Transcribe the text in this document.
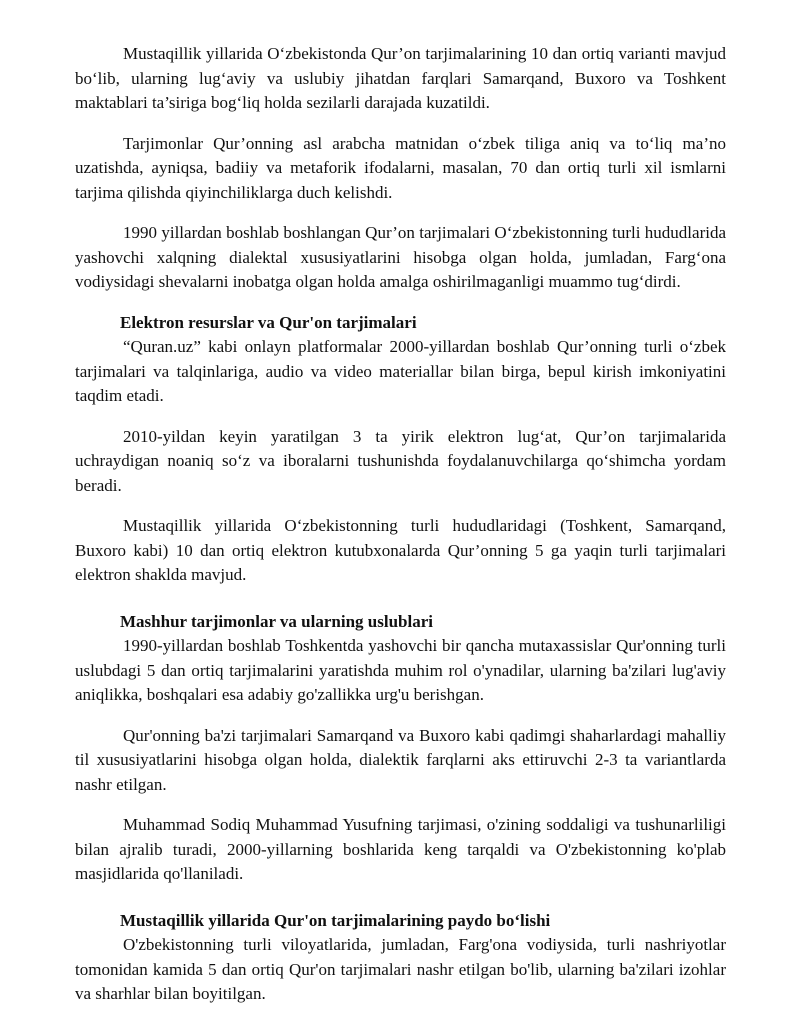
Mustaqillik yillarida O‘zbekistonda Qur’on tarjimalarining 10 dan ortiq varianti mavjud bo‘lib, ularning lug‘aviy va uslubiy jihatdan farqlari Samarqand, Buxoro va Toshkent maktablari ta’siriga bog‘liq holda sezilarli darajada kuzatildi.

Tarjimonlar Qur’onning asl arabcha matnidan o‘zbek tiliga aniq va to‘liq ma’no uzatishda, ayniqsa, badiiy va metaforik ifodalarni, masalan, 70 dan ortiq turli xil ismlarni tarjima qilishda qiyinchiliklarga duch kelishdi.

1990 yillardan boshlab boshlangan Qur’on tarjimalari O‘zbekistonning turli hududlarida yashovchi xalqning dialektal xususiyatlarini hisobga olgan holda, jumladan, Farg‘ona vodiysidagi shevalarni inobatga olgan holda amalga oshirilmaganligi muammo tug‘dirdi.

Elektron resurslar va Qur'on tarjimalari

“Quran.uz” kabi onlayn platformalar 2000-yillardan boshlab Qur’onning turli o‘zbek tarjimalari va talqinlariga, audio va video materiallar bilan birga, bepul kirish imkoniyatini taqdim etadi.

2010-yildan keyin yaratilgan 3 ta yirik elektron lug‘at, Qur’on tarjimalarida uchraydigan noaniq so‘z va iboralarni tushunishda foydalanuvchilarga qo‘shimcha yordam beradi.

Mustaqillik yillarida O‘zbekistonning turli hududlaridagi (Toshkent, Samarqand, Buxoro kabi) 10 dan ortiq elektron kutubxonalarda Qur’onning 5 ga yaqin turli tarjimalari elektron shaklda mavjud.

Mashhur tarjimonlar va ularning uslublari

1990-yillardan boshlab Toshkentda yashovchi bir qancha mutaxassislar Qur'onning turli uslubdagi 5 dan ortiq tarjimalarini yaratishda muhim rol o'ynadilar, ularning ba'zilari lug'aviy aniqlikka, boshqalari esa adabiy go'zallikka urg'u berishgan.

Qur'onning ba'zi tarjimalari Samarqand va Buxoro kabi qadimgi shaharlardagi mahalliy til xususiyatlarini hisobga olgan holda, dialektik farqlarni aks ettiruvchi 2-3 ta variantlarda nashr etilgan.

Muhammad Sodiq Muhammad Yusufning tarjimasi, o'zining soddaligi va tushunarliligi bilan ajralib turadi, 2000-yillarning boshlarida keng tarqaldi va O'zbekistonning ko'plab masjidlarida qo'llaniladi.

Mustaqillik yillarida Qur'on tarjimalarining paydo bo‘lishi

O'zbekistonning turli viloyatlarida, jumladan, Farg'ona vodiysida, turli nashriyotlar tomonidan kamida 5 dan ortiq Qur'on tarjimalari nashr etilgan bo'lib, ularning ba'zilari izohlar va sharhlar bilan boyitilgan.
